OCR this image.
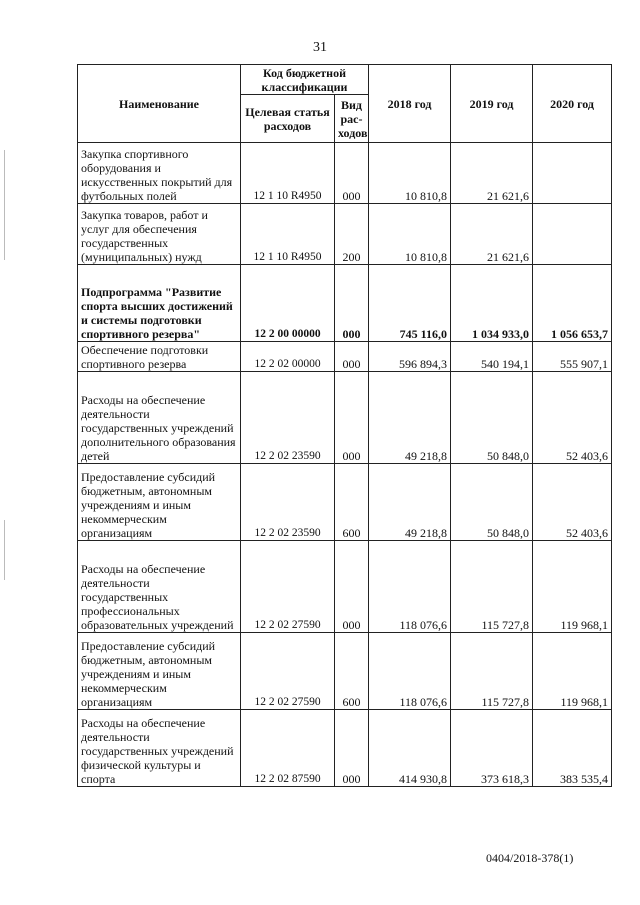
31
Наименование	Код бюджетной классификации		2018 год	2019 год	2020 год
	Целевая статья расходов	Вид рас-ходов			
Закупка спортивного оборудования и искусственных покрытий для футбольных полей	12 1 10 R4950	000	10 810,8	21 621,6	
Закупка товаров, работ и услуг для обеспечения государственных (муниципальных) нужд	12 1 10 R4950	200	10 810,8	21 621,6	
Подпрограмма "Развитие спорта высших достижений и системы подготовки спортивного резерва"	12 2 00 00000	000	745 116,0	1 034 933,0	1 056 653,7
Обеспечение подготовки спортивного резерва	12 2 02 00000	000	596 894,3	540 194,1	555 907,1
Расходы на обеспечение деятельности государственных учреждений дополнительного образования детей	12 2 02 23590	000	49 218,8	50 848,0	52 403,6
Предоставление субсидий бюджетным, автономным учреждениям и иным некоммерческим организациям	12 2 02 23590	600	49 218,8	50 848,0	52 403,6
Расходы на обеспечение деятельности государственных профессиональных образовательных учреждений	12 2 02 27590	000	118 076,6	115 727,8	119 968,1
Предоставление субсидий бюджетным, автономным учреждениям и иным некоммерческим организациям	12 2 02 27590	600	118 076,6	115 727,8	119 968,1
Расходы на обеспечение деятельности государственных учреждений физической культуры и спорта	12 2 02 87590	000	414 930,8	373 618,3	383 535,4
0404/2018-378(1)
